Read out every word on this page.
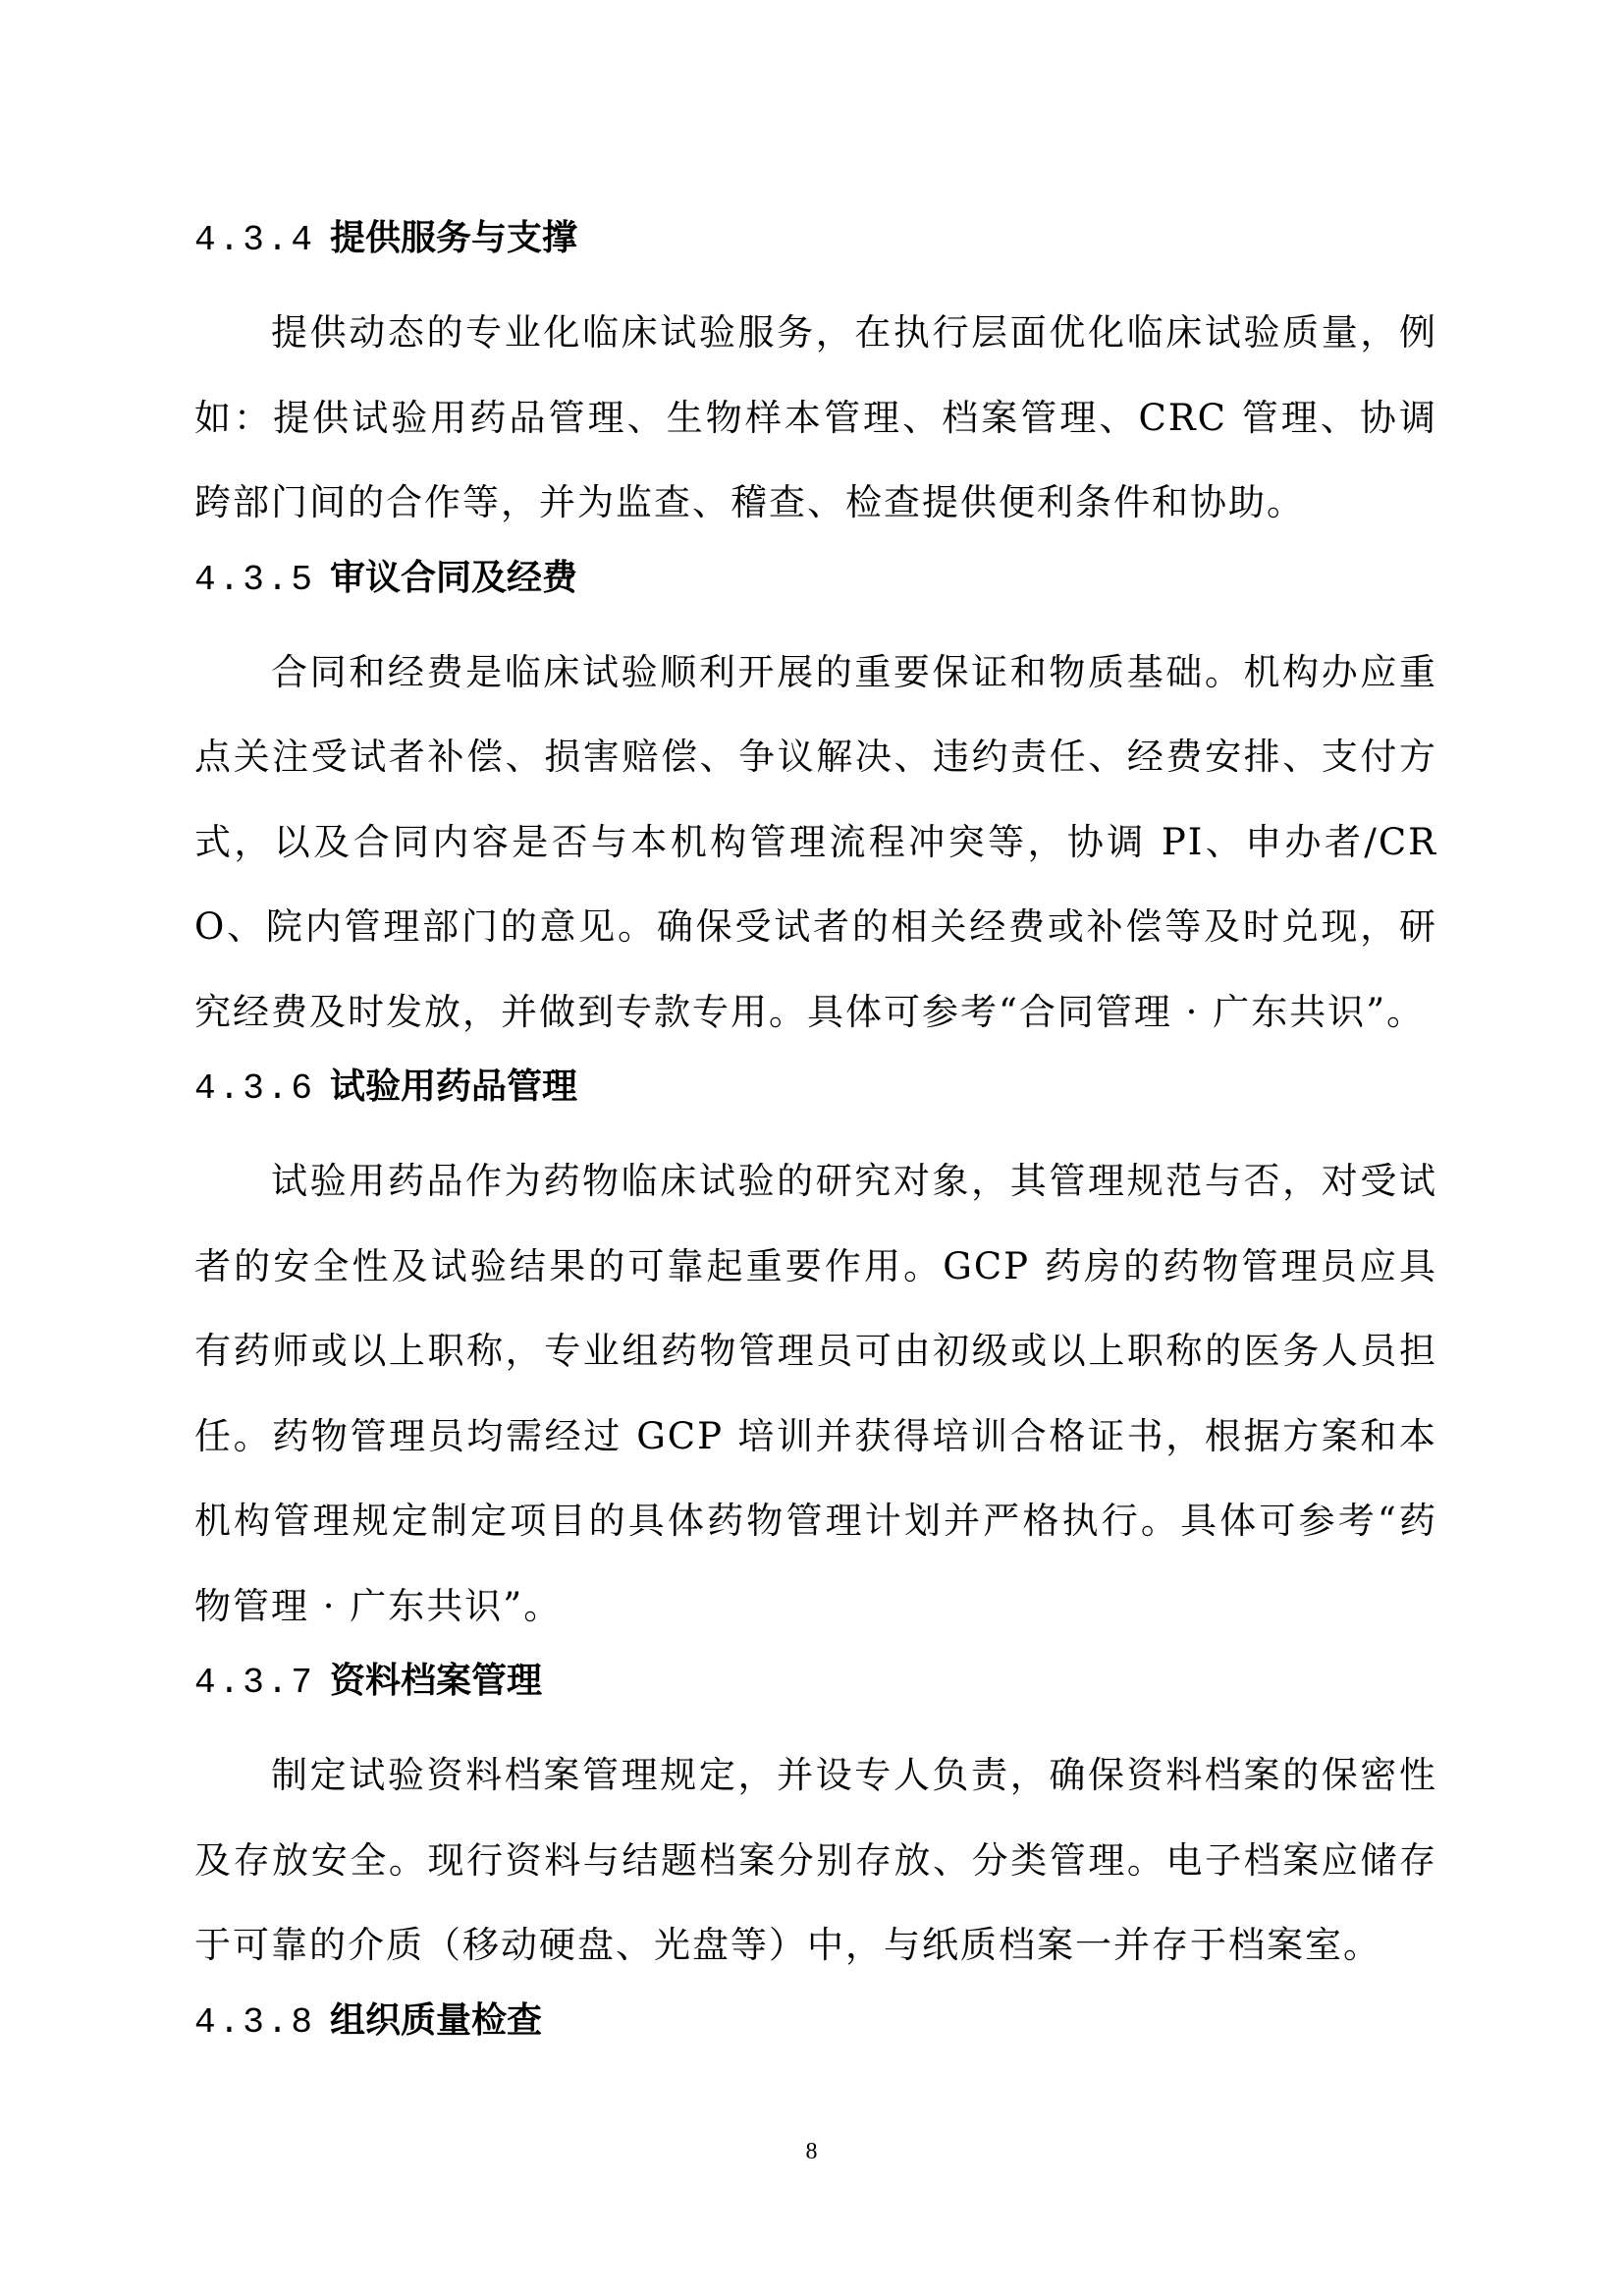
4.3.4 提供服务与支撑

提供动态的专业化临床试验服务，在执行层面优化临床试验质量，例如：提供试验用药品管理、生物样本管理、档案管理、CRC 管理、协调跨部门间的合作等，并为监查、稽查、检查提供便利条件和协助。

4.3.5 审议合同及经费

合同和经费是临床试验顺利开展的重要保证和物质基础。机构办应重点关注受试者补偿、损害赔偿、争议解决、违约责任、经费安排、支付方式，以及合同内容是否与本机构管理流程冲突等，协调 PI、申办者/CRO、院内管理部门的意见。确保受试者的相关经费或补偿等及时兑现，研究经费及时发放，并做到专款专用。具体可参考“合同管理 · 广东共识”。

4.3.6 试验用药品管理

试验用药品作为药物临床试验的研究对象，其管理规范与否，对受试者的安全性及试验结果的可靠起重要作用。GCP 药房的药物管理员应具有药师或以上职称，专业组药物管理员可由初级或以上职称的医务人员担任。药物管理员均需经过 GCP 培训并获得培训合格证书，根据方案和本机构管理规定制定项目的具体药物管理计划并严格执行。具体可参考“药物管理 · 广东共识”。

4.3.7 资料档案管理

制定试验资料档案管理规定，并设专人负责，确保资料档案的保密性及存放安全。现行资料与结题档案分别存放、分类管理。电子档案应储存于可靠的介质（移动硬盘、光盘等）中，与纸质档案一并存于档案室。

4.3.8 组织质量检查
8
